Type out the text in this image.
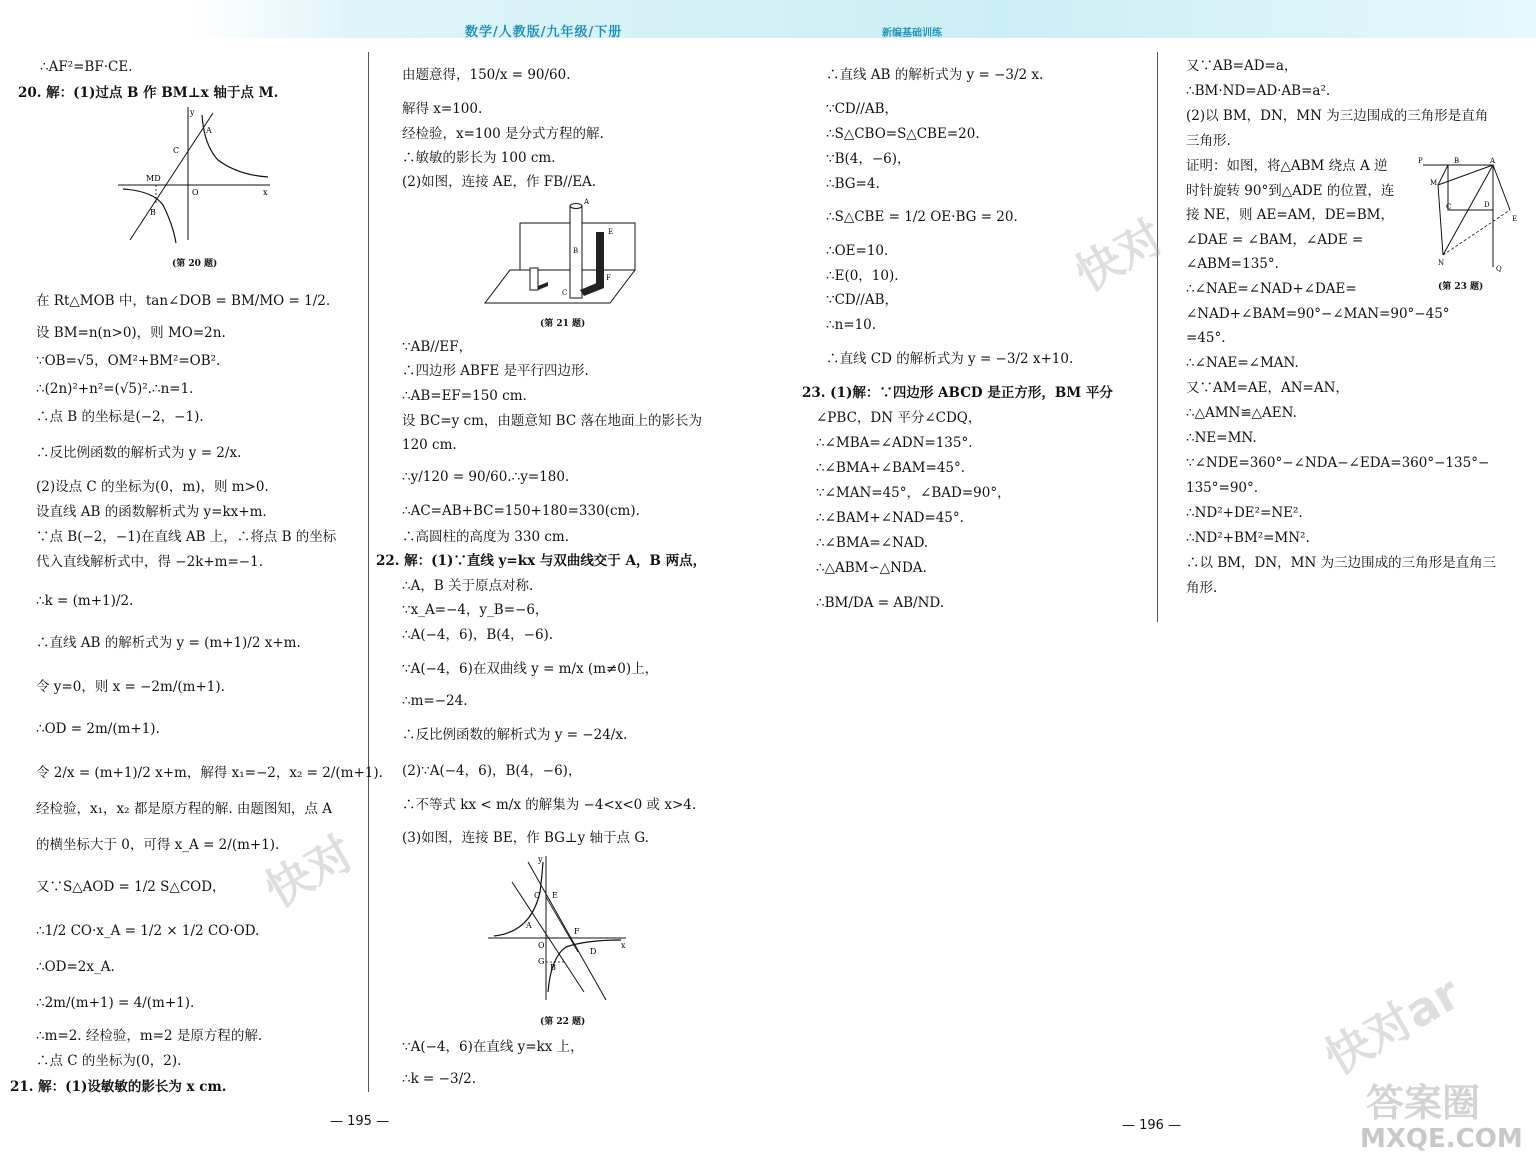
数学/人教版/九年级/下册	新编基础训练
∴AF²=BF·CE.
20. 解：(1)过点 B 作 BM⊥x 轴于点 M.
A
C
MD
O
B
x
y
(第 20 题)
在 Rt△MOB 中，tan∠DOB = BM/MO = 1/2.
设 BM=n(n>0)，则 MO=2n.
∵OB=√5，OM²+BM²=OB².
∴(2n)²+n²=(√5)².∴n=1.
∴点 B 的坐标是(−2，−1).
∴反比例函数的解析式为 y = 2/x.
(2)设点 C 的坐标为(0，m)，则 m>0.
设直线 AB 的函数解析式为 y=kx+m.
∵点 B(−2，−1)在直线 AB 上，∴将点 B 的坐标
代入直线解析式中，得 −2k+m=−1.
∴k = (m+1)/2.
∴直线 AB 的解析式为 y = (m+1)/2 x+m.
令 y=0，则 x = −2m/(m+1).
∴OD = 2m/(m+1).
令 2/x = (m+1)/2 x+m，解得 x₁=−2，x₂ = 2/(m+1).
经检验，x₁，x₂ 都是原方程的解. 由题图知，点 A
的横坐标大于 0，可得 x_A = 2/(m+1).
又∵S△AOD = 1/2 S△COD，
∴1/2 CO·x_A = 1/2 × 1/2 CO·OD.
∴OD=2x_A.
∴2m/(m+1) = 4/(m+1).
∴m=2. 经检验，m=2 是原方程的解.
∴点 C 的坐标为(0，2).
21. 解：(1)设敏敏的影长为 x cm.
由题意得，150/x = 90/60.
解得 x=100.
经检验，x=100 是分式方程的解.
∴敏敏的影长为 100 cm.
(2)如图，连接 AE，作 FB//EA.
A
B
C
E
F
(第 21 题)
∵AB//EF，
∴四边形 ABFE 是平行四边形.
∴AB=EF=150 cm.
设 BC=y cm，由题意知 BC 落在地面上的影长为
120 cm.
∴y/120 = 90/60.∴y=180.
∴AC=AB+BC=150+180=330(cm).
∴高圆柱的高度为 330 cm.
22. 解：(1)∵直线 y=kx 与双曲线交于 A，B 两点，
∴A，B 关于原点对称.
∵x_A=−4，y_B=−6，
∴A(−4，6)，B(4，−6).
∵A(−4，6)在双曲线 y = m/x (m≠0)上，
∴m=−24.
∴反比例函数的解析式为 y = −24/x.
(2)∵A(−4，6)，B(4，−6)，
∴不等式 kx < m/x 的解集为 −4<x<0 或 x>4.
(3)如图，连接 BE，作 BG⊥y 轴于点 G.
C E
A
O
G
B
F
D
x
y
(第 22 题)
∵A(−4，6)在直线 y=kx 上，
∴k = −3/2.
∴直线 AB 的解析式为 y = −3/2 x.
∵CD//AB，
∴S△CBO=S△CBE=20.
∵B(4，−6)，
∴BG=4.
∴S△CBE = 1/2 OE·BG = 20.
∴OE=10.
∴E(0，10).
∵CD//AB，
∴n=10.
∴直线 CD 的解析式为 y = −3/2 x+10.
23. (1)解：∵四边形 ABCD 是正方形，BM 平分
∠PBC，DN 平分∠CDQ，
∴∠MBA=∠ADN=135°.
∴∠BMA+∠BAM=45°.
∵∠MAN=45°，∠BAD=90°，
∴∠BAM+∠NAD=45°.
∴∠BMA=∠NAD.
∴△ABM∽△NDA.
∴BM/DA = AB/ND.
又∵AB=AD=a，
∴BM·ND=AD·AB=a².
(2)以 BM，DN，MN 为三边围成的三角形是直角
三角形.
证明：如图，将△ABM 绕点 A 逆
时针旋转 90°到△ADE 的位置，连
接 NE，则 AE=AM，DE=BM，
∠DAE = ∠BAM，∠ADE =
∠ABM=135°.
P	B	A
M
C	D
E
N
Q
(第 23 题)
∴∠NAE=∠NAD+∠DAE=
∠NAD+∠BAM=90°−∠MAN=90°−45°
=45°.
∴∠NAE=∠MAN.
又∵AM=AE，AN=AN，
∴△AMN≌△AEN.
∴NE=MN.
∵∠NDE=360°−∠NDA−∠EDA=360°−135°−
135°=90°.
∴ND²+DE²=NE².
∴ND²+BM²=MN².
∴以 BM，DN，MN 为三边围成的三角形是直角三
角形.
— 195 —	— 196 —
快对
快对
快对ar
答案圈
MXQE.COM
